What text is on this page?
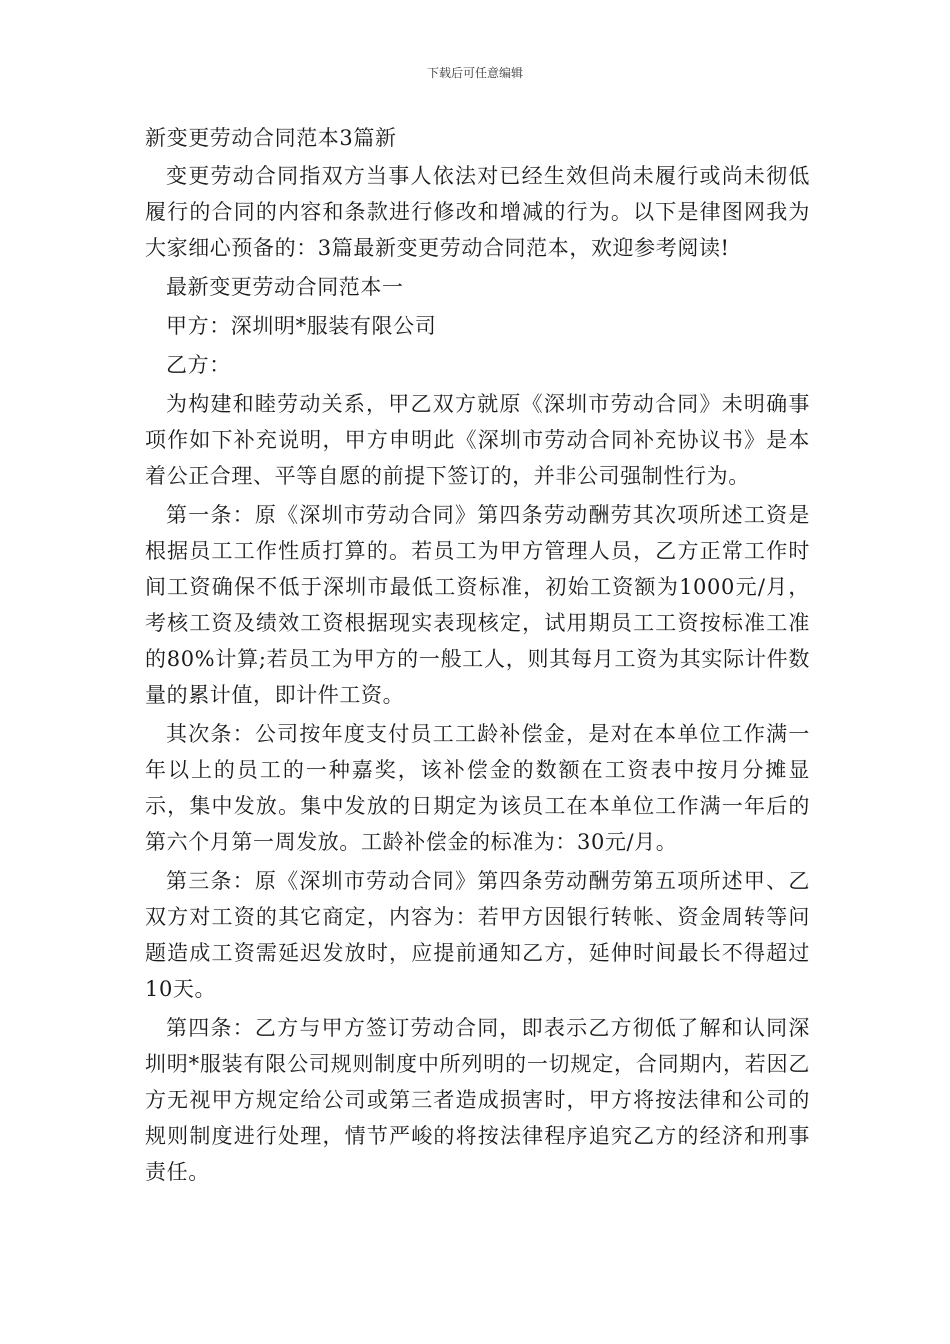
下载后可任意编辑

新变更劳动合同范本3篇新

变更劳动合同指双方当事人依法对已经生效但尚未履行或尚未彻低履行的合同的内容和条款进行修改和增减的行为。以下是律图网我为大家细心预备的：3篇最新变更劳动合同范本，欢迎参考阅读!

最新变更劳动合同范本一

甲方：深圳明*服装有限公司

乙方：

为构建和睦劳动关系，甲乙双方就原《深圳市劳动合同》未明确事项作如下补充说明，甲方申明此《深圳市劳动合同补充协议书》是本着公正合理、平等自愿的前提下签订的，并非公司强制性行为。

第一条：原《深圳市劳动合同》第四条劳动酬劳其次项所述工资是根据员工工作性质打算的。若员工为甲方管理人员，乙方正常工作时间工资确保不低于深圳市最低工资标准，初始工资额为1000元/月，考核工资及绩效工资根据现实表现核定，试用期员工工资按标准工准的80%计算;若员工为甲方的一般工人，则其每月工资为其实际计件数量的累计值，即计件工资。

其次条：公司按年度支付员工工龄补偿金，是对在本单位工作满一年以上的员工的一种嘉奖，该补偿金的数额在工资表中按月分摊显示，集中发放。集中发放的日期定为该员工在本单位工作满一年后的第六个月第一周发放。工龄补偿金的标准为：30元/月。

第三条：原《深圳市劳动合同》第四条劳动酬劳第五项所述甲、乙双方对工资的其它商定，内容为：若甲方因银行转帐、资金周转等问题造成工资需延迟发放时，应提前通知乙方，延伸时间最长不得超过10天。

第四条：乙方与甲方签订劳动合同，即表示乙方彻低了解和认同深圳明*服装有限公司规则制度中所列明的一切规定，合同期内，若因乙方无视甲方规定给公司或第三者造成损害时，甲方将按法律和公司的规则制度进行处理，情节严峻的将按法律程序追究乙方的经济和刑事责任。
